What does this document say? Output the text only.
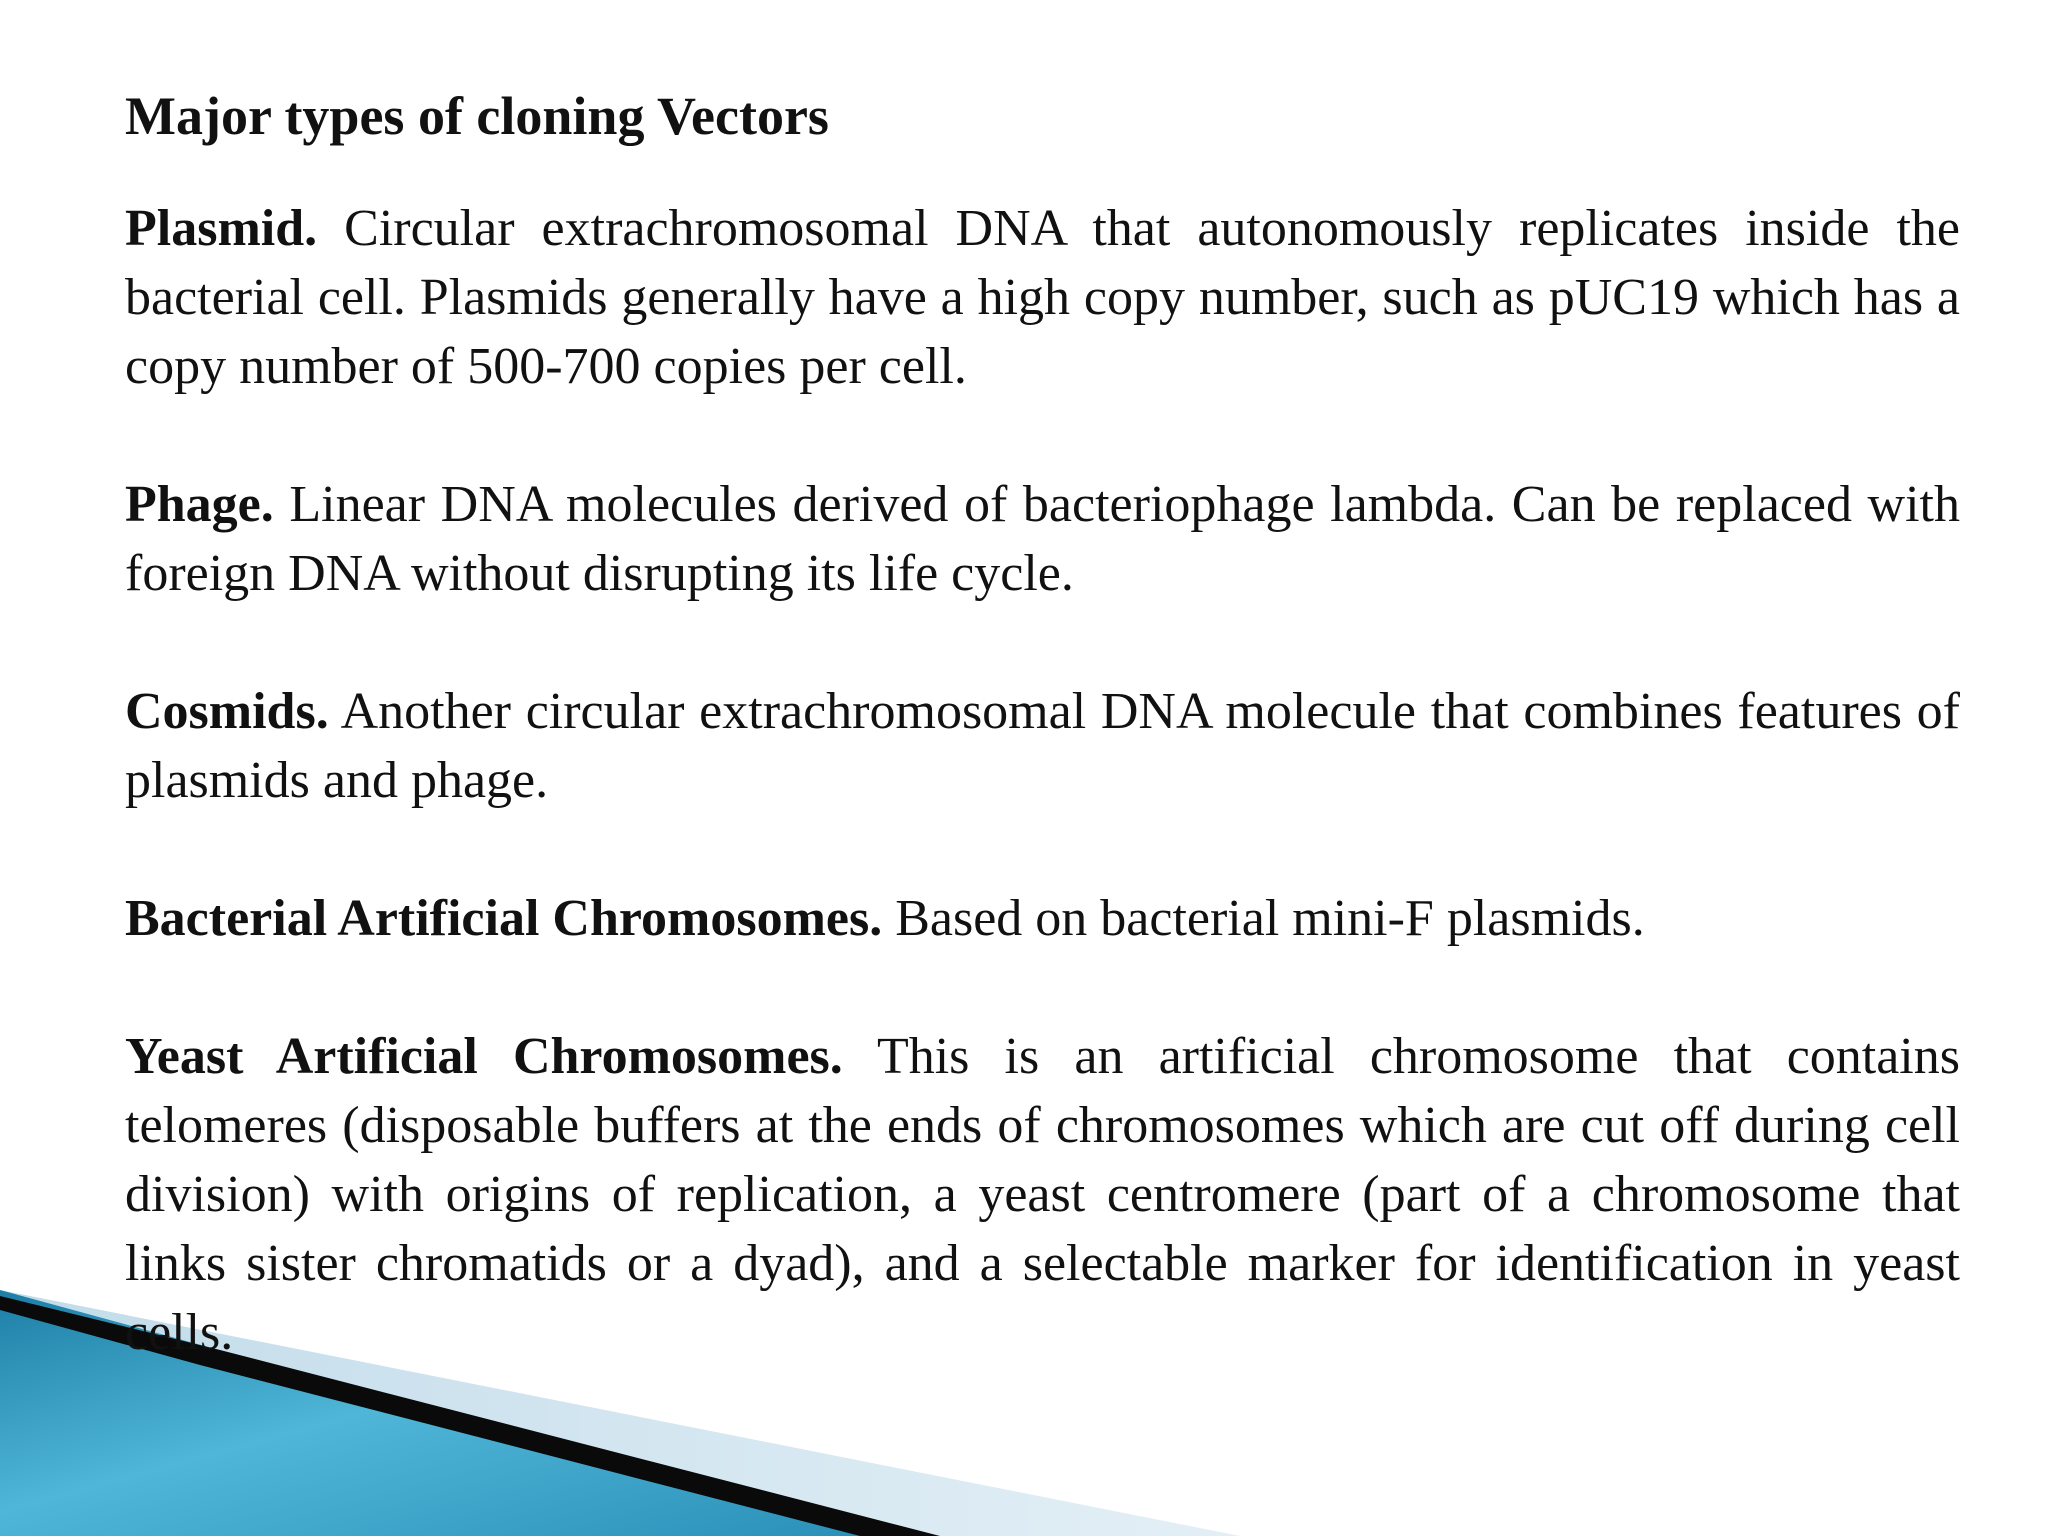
Major types of cloning Vectors

Plasmid. Circular extrachromosomal DNA that autonomously replicates inside the bacterial cell. Plasmids generally have a high copy number, such as pUC19 which has a copy number of 500-700 copies per cell.

Phage. Linear DNA molecules derived of bacteriophage lambda. Can be replaced with foreign DNA without disrupting its life cycle.

Cosmids. Another circular extrachromosomal DNA molecule that combines features of plasmids and phage.

Bacterial Artificial Chromosomes. Based on bacterial mini-F plasmids.

Yeast Artificial Chromosomes. This is an artificial chromosome that contains telomeres (disposable buffers at the ends of chromosomes which are cut off during cell division) with origins of replication, a yeast centromere (part of a chromosome that links sister chromatids or a dyad), and a selectable marker for identification in yeast cells.
